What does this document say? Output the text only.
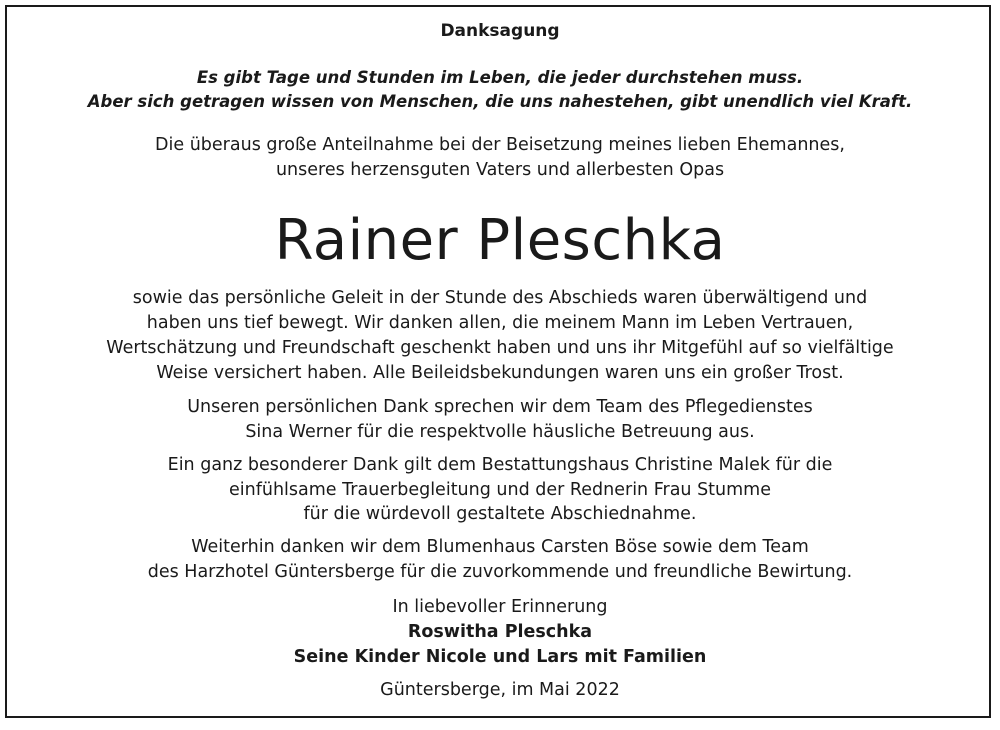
Danksagung
Es gibt Tage und Stunden im Leben, die jeder durchstehen muss.
Aber sich getragen wissen von Menschen, die uns nahestehen, gibt unendlich viel Kraft.
Die überaus große Anteilnahme bei der Beisetzung meines lieben Ehemannes,
unseres herzensguten Vaters und allerbesten Opas
Rainer Pleschka
sowie das persönliche Geleit in der Stunde des Abschieds waren überwältigend und
haben uns tief bewegt. Wir danken allen, die meinem Mann im Leben Vertrauen,
Wertschätzung und Freundschaft geschenkt haben und uns ihr Mitgefühl auf so vielfältige
Weise versichert haben. Alle Beileidsbekundungen waren uns ein großer Trost.
Unseren persönlichen Dank sprechen wir dem Team des Pflegedienstes
Sina Werner für die respektvolle häusliche Betreuung aus.
Ein ganz besonderer Dank gilt dem Bestattungshaus Christine Malek für die
einfühlsame Trauerbegleitung und der Rednerin Frau Stumme
für die würdevoll gestaltete Abschiednahme.
Weiterhin danken wir dem Blumenhaus Carsten Böse sowie dem Team
des Harzhotel Güntersberge für die zuvorkommende und freundliche Bewirtung.
In liebevoller Erinnerung
Roswitha Pleschka
Seine Kinder Nicole und Lars mit Familien
Güntersberge, im Mai 2022
